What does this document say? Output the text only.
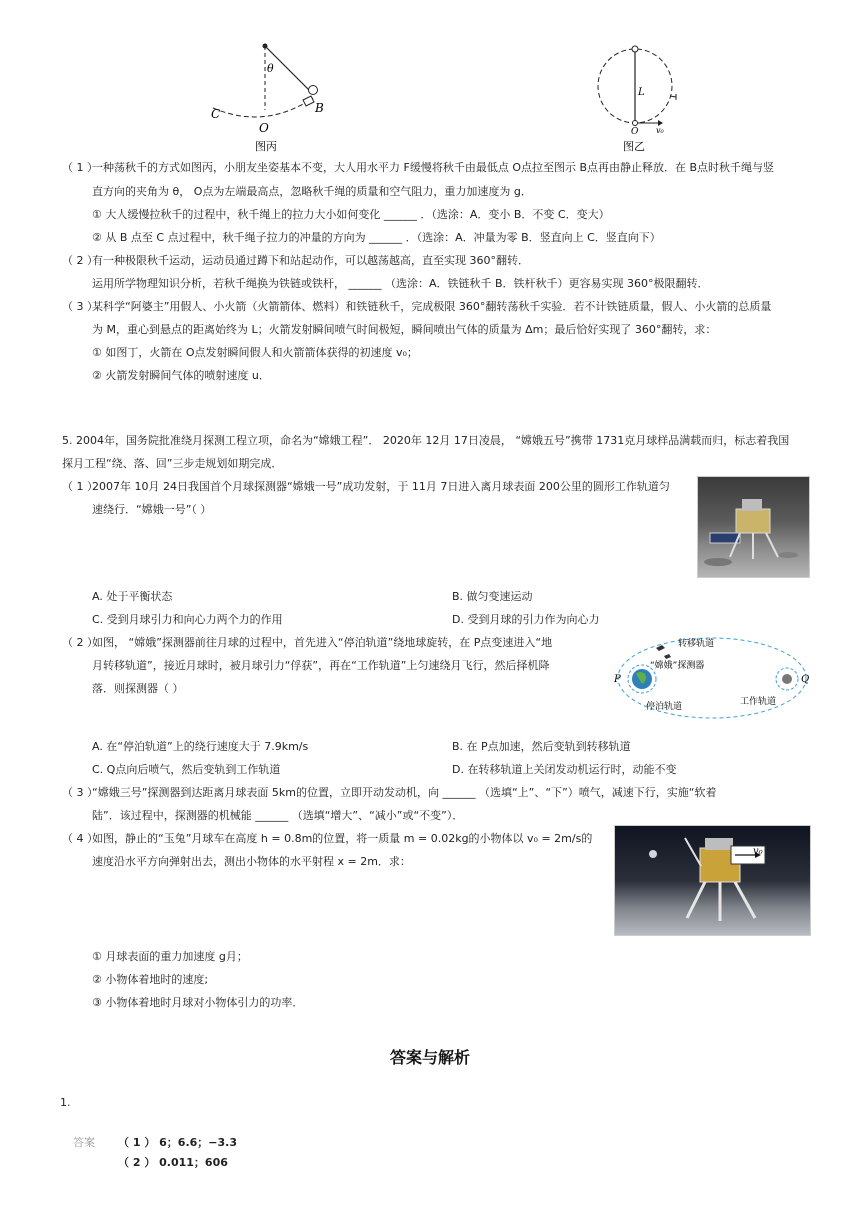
θ
C
O
B
图丙
L
O v₀
图乙
（ 1 ）
一种荡秋千的方式如图丙，小朋友坐姿基本不变，大人用水平力 F缓慢将秋千由最低点 O点拉至图示 B点再由静止释放．在 B点时秋千绳与竖
直方向的夹角为 θ， O点为左端最高点，忽略秋千绳的质量和空气阻力，重力加速度为 g．
① 大人缓慢拉秋千的过程中，秋千绳上的拉力大小如何变化 ______ ．（选涂：A．变小 B．不变 C．变大）
② 从 B 点至 C 点过程中，秋千绳子拉力的冲量的方向为 ______ ．（选涂：A．冲量为零 B．竖直向上 C．竖直向下）
（ 2 ）
有一种极限秋千运动，运动员通过蹲下和站起动作，可以越荡越高，直至实现 360°翻转．
运用所学物理知识分析，若秋千绳换为铁链或铁杆， ______ （选涂：A．铁链秋千 B．铁杆秋千）更容易实现 360°极限翻转．
（ 3 ）
某科学“阿婆主”用假人、小火箭（火箭箭体、燃料）和铁链秋千，完成极限 360°翻转荡秋千实验．若不计铁链质量，假人、小火箭的总质量
为 M，重心到悬点的距离始终为 L；火箭发射瞬间喷气时间极短，瞬间喷出气体的质量为 Δm；最后恰好实现了 360°翻转，求：
① 如图丁，火箭在 O点发射瞬间假人和火箭箭体获得的初速度 v₀；
② 火箭发射瞬间气体的喷射速度 u．
5. 2004年，国务院批准绕月探测工程立项，命名为“嫦娥工程”． 2020年 12月 17日凌晨， “嫦娥五号”携带 1731克月球样品满载而归，标志着我国
探月工程“绕、落、回”三步走规划如期完成．
（ 1 ）
2007年 10月 24日我国首个月球探测器“嫦娥一号”成功发射，于 11月 7日进入离月球表面 200公里的圆形工作轨道匀
速绕行．“嫦娥一号”（ ）
A. 处于平衡状态	B. 做匀变速运动
C. 受到月球引力和向心力两个力的作用	D. 受到月球的引力作为向心力
（ 2 ）
如图， “嫦娥”探测器前往月球的过程中，首先进入“停泊轨道”绕地球旋转，在 P点变速进入“地
月转移轨道”，接近月球时，被月球引力“俘获”，再在“工作轨道”上匀速绕月飞行，然后择机降
落．则探测器（ ）
转移轨道
“嫦娥”探测器
停泊轨道	工作轨道
P	Q
A. 在“停泊轨道”上的绕行速度大于 7.9km/s	B. 在 P点加速，然后变轨到转移轨道
C. Q点向后喷气，然后变轨到工作轨道	D. 在转移轨道上关闭发动机运行时，动能不变
（ 3 ）
“嫦娥三号”探测器到达距离月球表面 5km的位置，立即开动发动机，向 ______ （选填“上”、“下”）喷气，减速下行，实施“软着
陆”．该过程中，探测器的机械能 ______ （选填“增大”、“减小”或“不变”）．
（ 4 ）
如图，静止的“玉兔”月球车在高度 h = 0.8m的位置，将一质量 m = 0.02kg的小物体以 v₀ = 2m/s的
速度沿水平方向弹射出去，测出小物体的水平射程 x = 2m．求：
v₀
① 月球表面的重力加速度 g月；
② 小物体着地时的速度;
③ 小物体着地时月球对小物体引力的功率．
答案与解析
1.
答案 （ 1 ） 6；6.6；−3.3
（ 2 ） 0.011；606
